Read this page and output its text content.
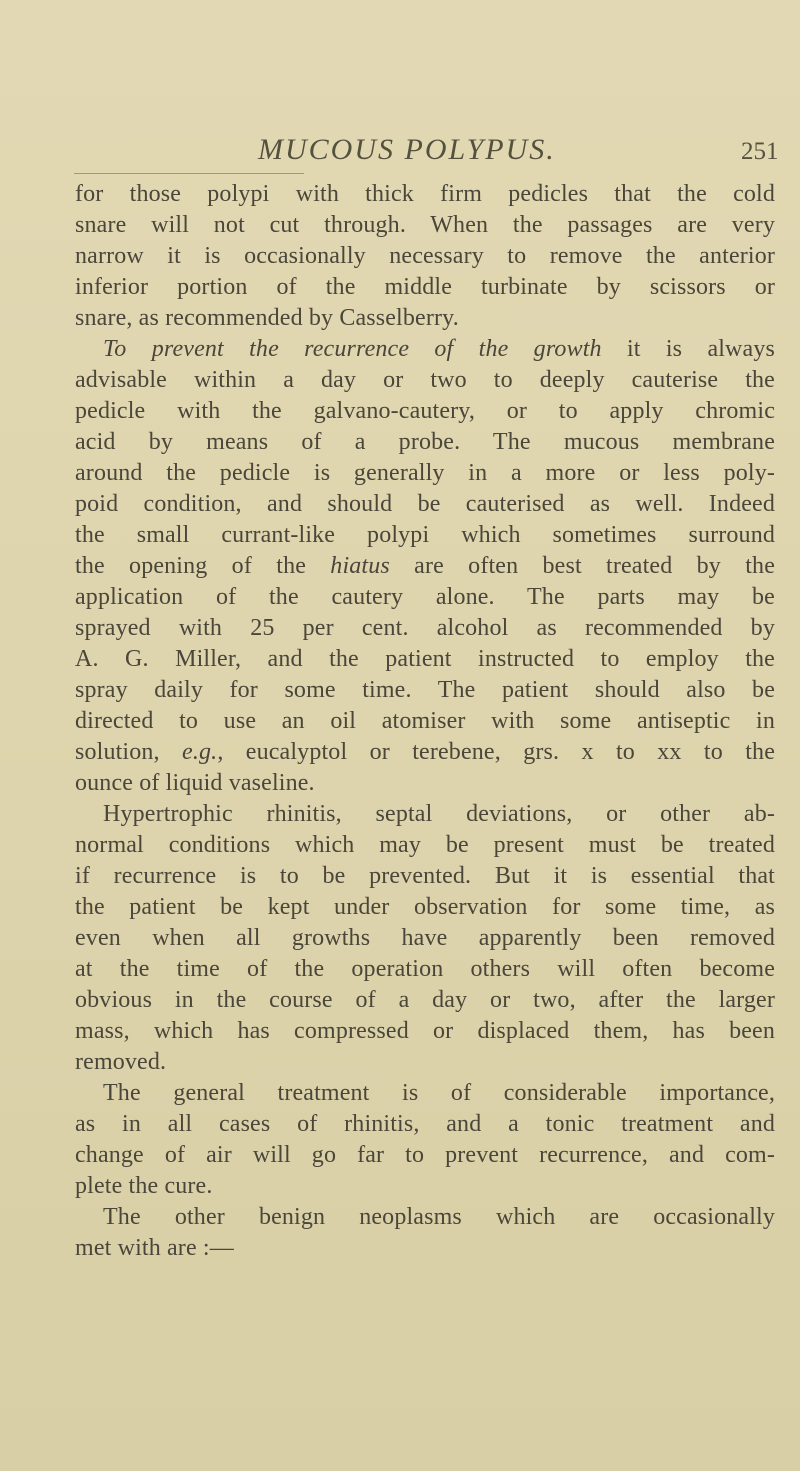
MUCOUS POLYPUS.	251
for those polypi with thick firm pedicles that the cold
snare will not cut through. When the passages are very
narrow it is occasionally necessary to remove the anterior
inferior portion of the middle turbinate by scissors or
snare, as recommended by Casselberry.
To prevent the recurrence of the growth it is always
advisable within a day or two to deeply cauterise the
pedicle with the galvano-cautery, or to apply chromic
acid by means of a probe. The mucous membrane
around the pedicle is generally in a more or less poly-
poid condition, and should be cauterised as well. Indeed
the small currant-like polypi which sometimes surround
the opening of the hiatus are often best treated by the
application of the cautery alone. The parts may be
sprayed with 25 per cent. alcohol as recommended by
A. G. Miller, and the patient instructed to employ the
spray daily for some time. The patient should also be
directed to use an oil atomiser with some antiseptic in
solution, e.g., eucalyptol or terebene, grs. x to xx to the
ounce of liquid vaseline.
Hypertrophic rhinitis, septal deviations, or other ab-
normal conditions which may be present must be treated
if recurrence is to be prevented. But it is essential that
the patient be kept under observation for some time, as
even when all growths have apparently been removed
at the time of the operation others will often become
obvious in the course of a day or two, after the larger
mass, which has compressed or displaced them, has been
removed.
The general treatment is of considerable importance,
as in all cases of rhinitis, and a tonic treatment and
change of air will go far to prevent recurrence, and com-
plete the cure.
The other benign neoplasms which are occasionally
met with are :—
